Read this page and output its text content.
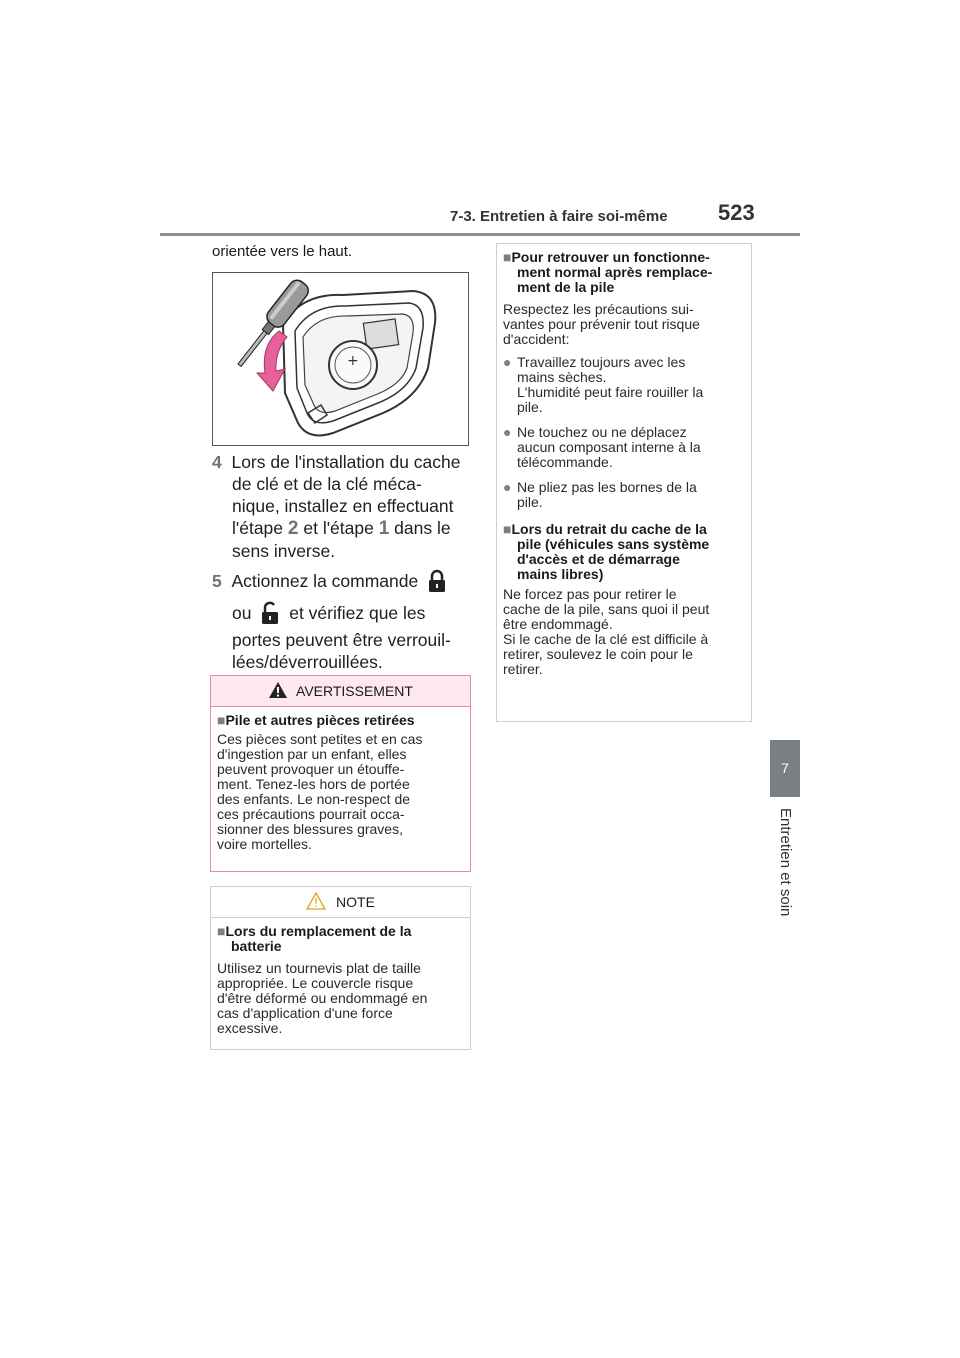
7-3. Entretien à faire soi-même 523
7
Entretien et soin
orientée vers le haut.
+
4 Lors de l'installation du cache
de clé et de la clé méca-
nique, installez en effectuant
l'étape 2 et l'étape 1 dans le
sens inverse.
5 Actionnez la commande
ou et vérifiez que les
portes peuvent être verrouil-
lées/déverrouillées.
AVERTISSEMENT
■Pile et autres pièces retirées
Ces pièces sont petites et en cas
d'ingestion par un enfant, elles
peuvent provoquer un étouffe-
ment. Tenez-les hors de portée
des enfants. Le non-respect de
ces précautions pourrait occa-
sionner des blessures graves,
voire mortelles.
NOTE
■Lors du remplacement de la
batterie
Utilisez un tournevis plat de taille
appropriée. Le couvercle risque
d'être déformé ou endommagé en
cas d'application d'une force
excessive.
■Pour retrouver un fonctionne-
ment normal après remplace-
ment de la pile
Respectez les précautions sui-
vantes pour prévenir tout risque
d'accident:
● Travaillez toujours avec les
mains sèches.
L'humidité peut faire rouiller la
pile.
● Ne touchez ou ne déplacez
aucun composant interne à la
télécommande.
● Ne pliez pas les bornes de la
pile.
■Lors du retrait du cache de la
pile (véhicules sans système
d'accès et de démarrage
mains libres)
Ne forcez pas pour retirer le
cache de la pile, sans quoi il peut
être endommagé.
Si le cache de la clé est difficile à
retirer, soulevez le coin pour le
retirer.
